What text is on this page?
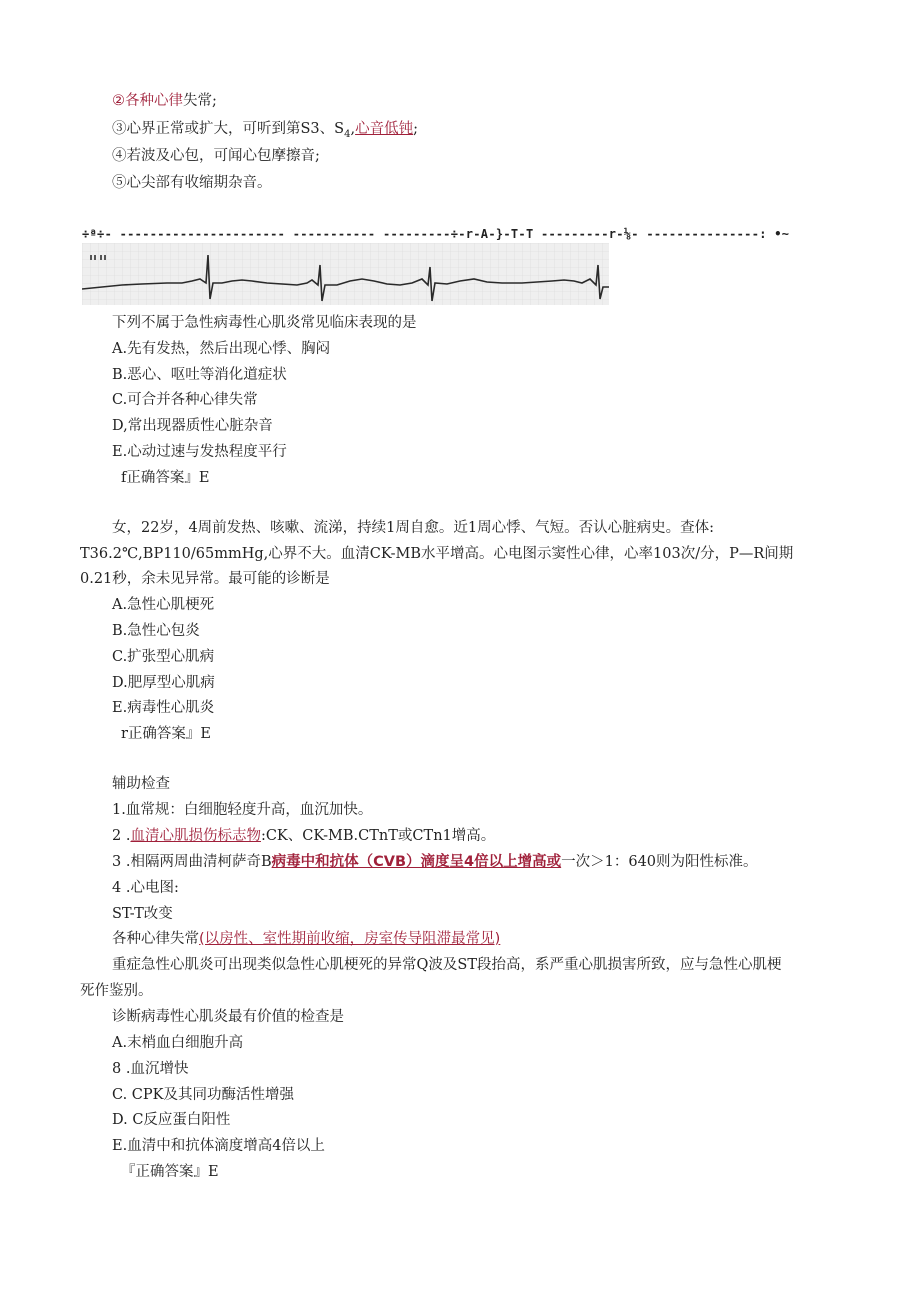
②各种心律失常;
③心界正常或扩大，可听到第S3、$S_4$,心音低钝;
④若波及心包，可闻心包摩擦音;
⑤心尖部有收缩期杂音。
÷ª÷- ---------------------- ----------- ---------÷-r-A-}-T-T ---------r-⅛- ---------------: •~
下列不属于急性病毒性心肌炎常见临床表现的是
A.先有发热，然后出现心悸、胸闷
B.恶心、呕吐等消化道症状
C.可合并各种心律失常
D,常出现器质性心脏杂音
E.心动过速与发热程度平行
f正确答案』E
女，22岁，4周前发热、咳嗽、流涕，持续1周自愈。近1周心悸、气短。否认心脏病史。查体:
T36.2℃,BP110/65mmHg,心界不大。血清CK-MB水平增高。心电图示窦性心律，心率103次/分，P—R间期
0.21秒，余未见异常。最可能的诊断是
A.急性心肌梗死
B.急性心包炎
C.扩张型心肌病
D.肥厚型心肌病
E.病毒性心肌炎
r正确答案』E
辅助检查
1.血常规：白细胞轻度升高，血沉加快。
2 .血清心肌损伤标志物:CK、CK-MB.CTnT或CTn1增高。
3 .相隔两周曲清柯萨奇B病毒中和抗体（CVB）滴度呈4倍以上增高或一次＞1：640则为阳性标准。
4 .心电图:
ST-T改变
各种心律失常(以房性、室性期前收缩，房室传导阻滞最常见)
重症急性心肌炎可出现类似急性心肌梗死的异常Q波及ST段抬高，系严重心肌损害所致，应与急性心肌梗
死作鉴别。
诊断病毒性心肌炎最有价值的检查是
A.末梢血白细胞升高
8 .血沉增快
C. CPK及其同功酶活性增强
D. C反应蛋白阳性
E.血清中和抗体滴度增高4倍以上
『正确答案』E
